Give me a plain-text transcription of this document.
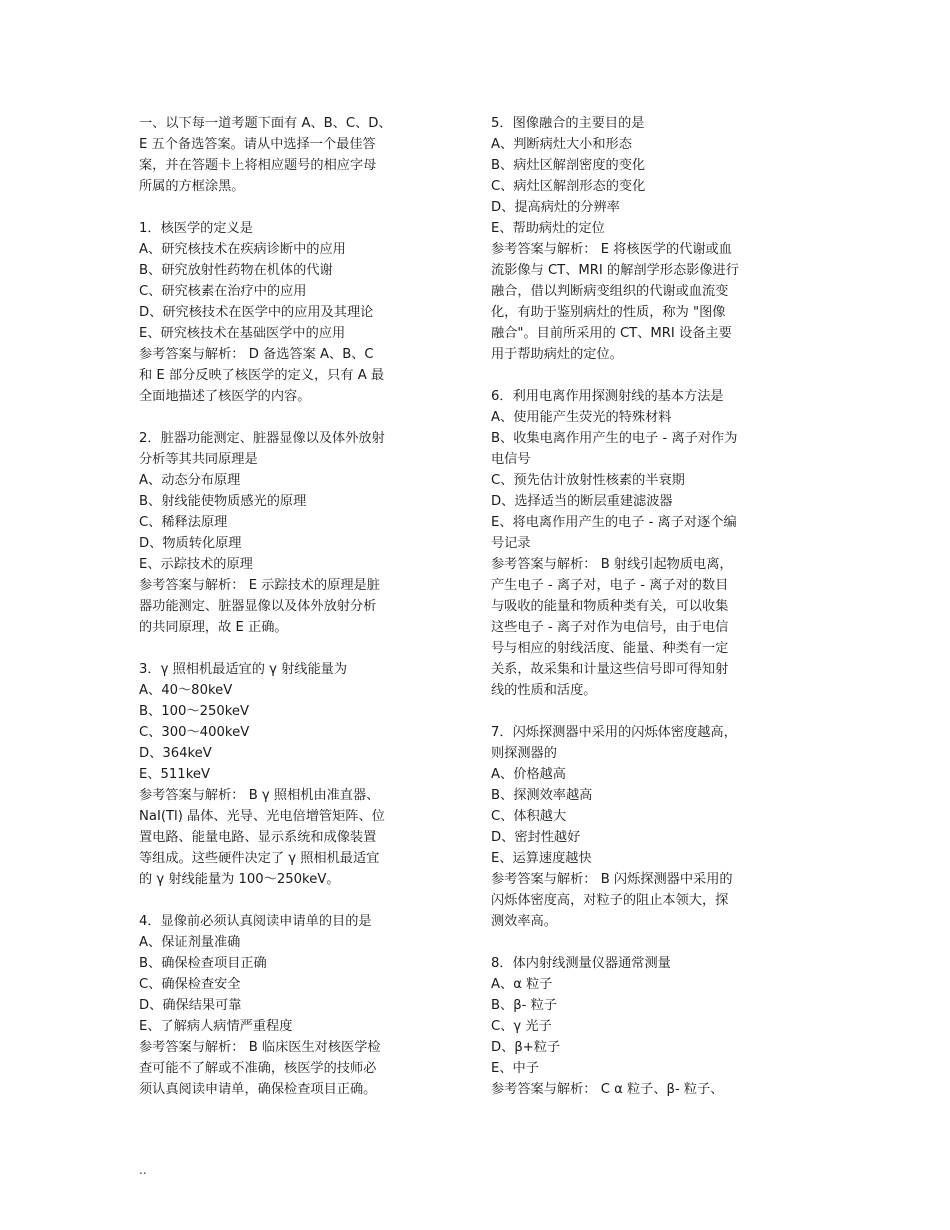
一、以下每一道考题下面有 A、B、C、D、
E 五个备选答案。请从中选择一个最佳答
案，并在答题卡上将相应题号的相应字母
所属的方框涂黑。
1．核医学的定义是
A、研究核技术在疾病诊断中的应用
B、研究放射性药物在机体的代谢
C、研究核素在治疗中的应用
D、研究核技术在医学中的应用及其理论
E、研究核技术在基础医学中的应用
参考答案与解析： D 备选答案 A、B、C
和 E 部分反映了核医学的定义，只有 A 最
全面地描述了核医学的内容。
2．脏器功能测定、脏器显像以及体外放射
分析等其共同原理是
A、动态分布原理
B、射线能使物质感光的原理
C、稀释法原理
D、物质转化原理
E、示踪技术的原理
参考答案与解析： E 示踪技术的原理是脏
器功能测定、脏器显像以及体外放射分析
的共同原理，故 E 正确。
3．γ 照相机最适宜的 γ 射线能量为
A、40～80keV
B、100～250keV
C、300～400keV
D、364keV
E、511keV
参考答案与解析： B γ 照相机由准直器、
NaI(Tl) 晶体、光导、光电倍增管矩阵、位
置电路、能量电路、显示系统和成像装置
等组成。这些硬件决定了 γ 照相机最适宜
的 γ 射线能量为 100～250keV。
4．显像前必须认真阅读申请单的目的是
A、保证剂量准确
B、确保检查项目正确
C、确保检查安全
D、确保结果可靠
E、了解病人病情严重程度
参考答案与解析： B 临床医生对核医学检
查可能不了解或不准确，核医学的技师必
须认真阅读申请单，确保检查项目正确。
5．图像融合的主要目的是
A、判断病灶大小和形态
B、病灶区解剖密度的变化
C、病灶区解剖形态的变化
D、提高病灶的分辨率
E、帮助病灶的定位
参考答案与解析： E 将核医学的代谢或血
流影像与 CT、MRI 的解剖学形态影像进行
融合，借以判断病变组织的代谢或血流变
化，有助于鉴别病灶的性质，称为 "图像
融合"。目前所采用的 CT、MRI 设备主要
用于帮助病灶的定位。
6．利用电离作用探测射线的基本方法是
A、使用能产生荧光的特殊材料
B、收集电离作用产生的电子 - 离子对作为
电信号
C、预先估计放射性核素的半衰期
D、选择适当的断层重建滤波器
E、将电离作用产生的电子 - 离子对逐个编
号记录
参考答案与解析： B 射线引起物质电离，
产生电子 - 离子对，电子 - 离子对的数目
与吸收的能量和物质种类有关，可以收集
这些电子 - 离子对作为电信号，由于电信
号与相应的射线活度、能量、种类有一定
关系，故采集和计量这些信号即可得知射
线的性质和活度。
7．闪烁探测器中采用的闪烁体密度越高，
则探测器的
A、价格越高
B、探测效率越高
C、体积越大
D、密封性越好
E、运算速度越快
参考答案与解析： B 闪烁探测器中采用的
闪烁体密度高，对粒子的阻止本领大，探
测效率高。
8．体内射线测量仪器通常测量
A、α 粒子
B、β- 粒子
C、γ 光子
D、β+粒子
E、中子
参考答案与解析： C α 粒子、β- 粒子、
..
